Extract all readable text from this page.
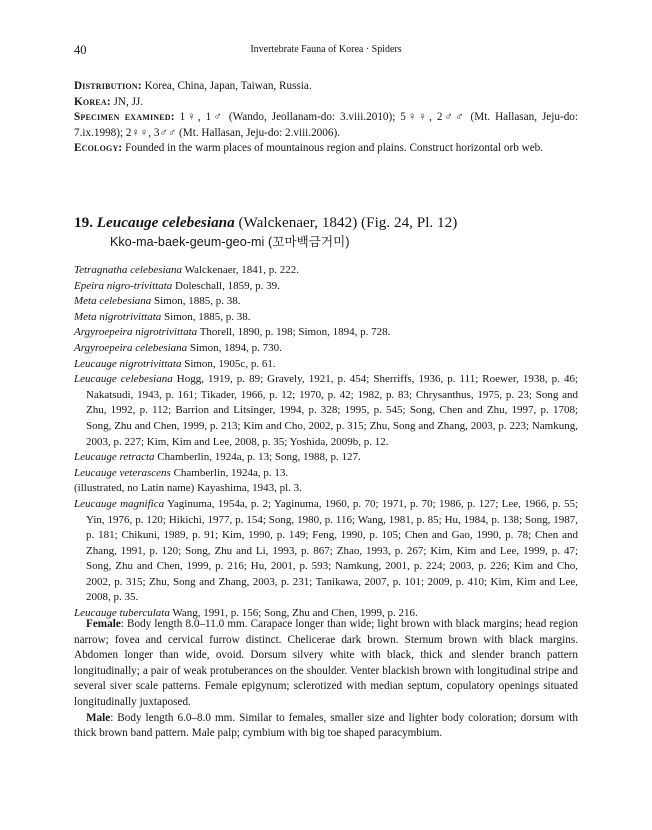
40	Invertebrate Fauna of Korea · Spiders

Distribution: Korea, China, Japan, Taiwan, Russia.

Korea: JN, JJ.

Specimen examined: 1♀, 1♂ (Wando, Jeollanam-do: 3.viii.2010); 5♀♀, 2♂♂ (Mt. Hallasan, Jeju-do: 7.ix.1998); 2♀♀, 3♂♂ (Mt. Hallasan, Jeju-do: 2.viii.2006).

Ecology: Founded in the warm places of mountainous region and plains. Construct horizontal orb web.

19. Leucauge celebesiana (Walckenaer, 1842) (Fig. 24, Pl. 12)

Kko-ma-baek-geum-geo-mi (꼬마백금거미)

Tetragnatha celebesiana Walckenaer, 1841, p. 222.

Epeira nigro-trivittata Doleschall, 1859, p. 39.

Meta celebesiana Simon, 1885, p. 38.

Meta nigrotrivittata Simon, 1885, p. 38.

Argyroepeira nigrotrivittata Thorell, 1890, p. 198; Simon, 1894, p. 728.

Argyroepeira celebesiana Simon, 1894, p. 730.

Leucauge nigrotrivittata Simon, 1905c, p. 61.

Leucauge celebesiana Hogg, 1919, p. 89; Gravely, 1921, p. 454; Sherriffs, 1936, p. 111; Roewer, 1938, p. 46; Nakatsudi, 1943, p. 161; Tikader, 1966, p. 12; 1970, p. 42; 1982, p. 83; Chrysanthus, 1975, p. 23; Song and Zhu, 1992, p. 112; Barrion and Litsinger, 1994, p. 328; 1995, p. 545; Song, Chen and Zhu, 1997, p. 1708; Song, Zhu and Chen, 1999, p. 213; Kim and Cho, 2002, p. 315; Zhu, Song and Zhang, 2003, p. 223; Namkung, 2003, p. 227; Kim, Kim and Lee, 2008, p. 35; Yoshida, 2009b, p. 12.

Leucauge retracta Chamberlin, 1924a, p. 13; Song, 1988, p. 127.

Leucauge veterascens Chamberlin, 1924a, p. 13.

(illustrated, no Latin name) Kayashima, 1943, pl. 3.

Leucauge magnifica Yaginuma, 1954a, p. 2; Yaginuma, 1960, p. 70; 1971, p. 70; 1986, p. 127; Lee, 1966, p. 55; Yin, 1976, p. 120; Hikichi, 1977, p. 154; Song, 1980, p. 116; Wang, 1981, p. 85; Hu, 1984, p. 138; Song, 1987, p. 181; Chikuni, 1989, p. 91; Kim, 1990, p. 149; Feng, 1990, p. 105; Chen and Gao, 1990, p. 78; Chen and Zhang, 1991, p. 120; Song, Zhu and Li, 1993, p. 867; Zhao, 1993, p. 267; Kim, Kim and Lee, 1999, p. 47; Song, Zhu and Chen, 1999, p. 216; Hu, 2001, p. 593; Namkung, 2001, p. 224; 2003, p. 226; Kim and Cho, 2002, p. 315; Zhu, Song and Zhang, 2003, p. 231; Tanikawa, 2007, p. 101; 2009, p. 410; Kim, Kim and Lee, 2008, p. 35.

Leucauge tuberculata Wang, 1991, p. 156; Song, Zhu and Chen, 1999, p. 216.

Female: Body length 8.0–11.0 mm. Carapace longer than wide; light brown with black margins; head region narrow; fovea and cervical furrow distinct. Chelicerae dark brown. Sternum brown with black margins. Abdomen longer than wide, ovoid. Dorsum silvery white with black, thick and slender branch pattern longitudinally; a pair of weak protuberances on the shoulder. Venter blackish brown with longitudinal stripe and several siver scale patterns. Female epigynum; sclerotized with median septum, copulatory openings situated longitudinally juxtaposed.

Male: Body length 6.0–8.0 mm. Similar to females, smaller size and lighter body coloration; dorsum with thick brown band pattern. Male palp; cymbium with big toe shaped paracymbium.
